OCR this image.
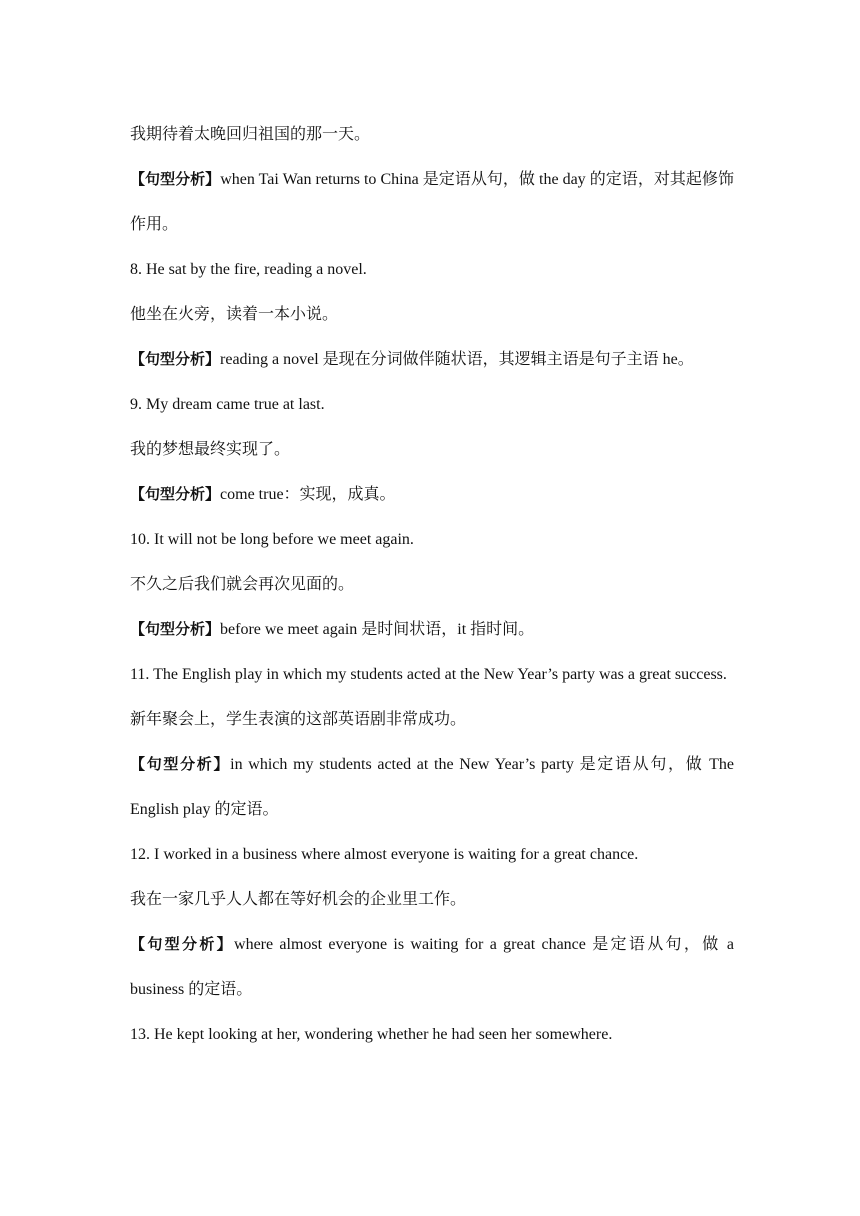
我期待着太晚回归祖国的那一天。
【句型分析】when Tai Wan returns to China 是定语从句，做 the day 的定语，对其起修饰作用。
8. He sat by the fire, reading a novel.
他坐在火旁，读着一本小说。
【句型分析】reading a novel 是现在分词做伴随状语，其逻辑主语是句子主语 he。
9. My dream came true at last.
我的梦想最终实现了。
【句型分析】come true：实现，成真。
10. It will not be long before we meet again.
不久之后我们就会再次见面的。
【句型分析】before we meet again 是时间状语，it 指时间。
11. The English play in which my students acted at the New Year’s party was a great success.
新年聚会上，学生表演的这部英语剧非常成功。
【句型分析】in which my students acted at the New Year’s party 是定语从句，做 The English play 的定语。
12. I worked in a business where almost everyone is waiting for a great chance.
我在一家几乎人人都在等好机会的企业里工作。
【句型分析】where almost everyone is waiting for a great chance 是定语从句，做 a business 的定语。
13. He kept looking at her, wondering whether he had seen her somewhere.
